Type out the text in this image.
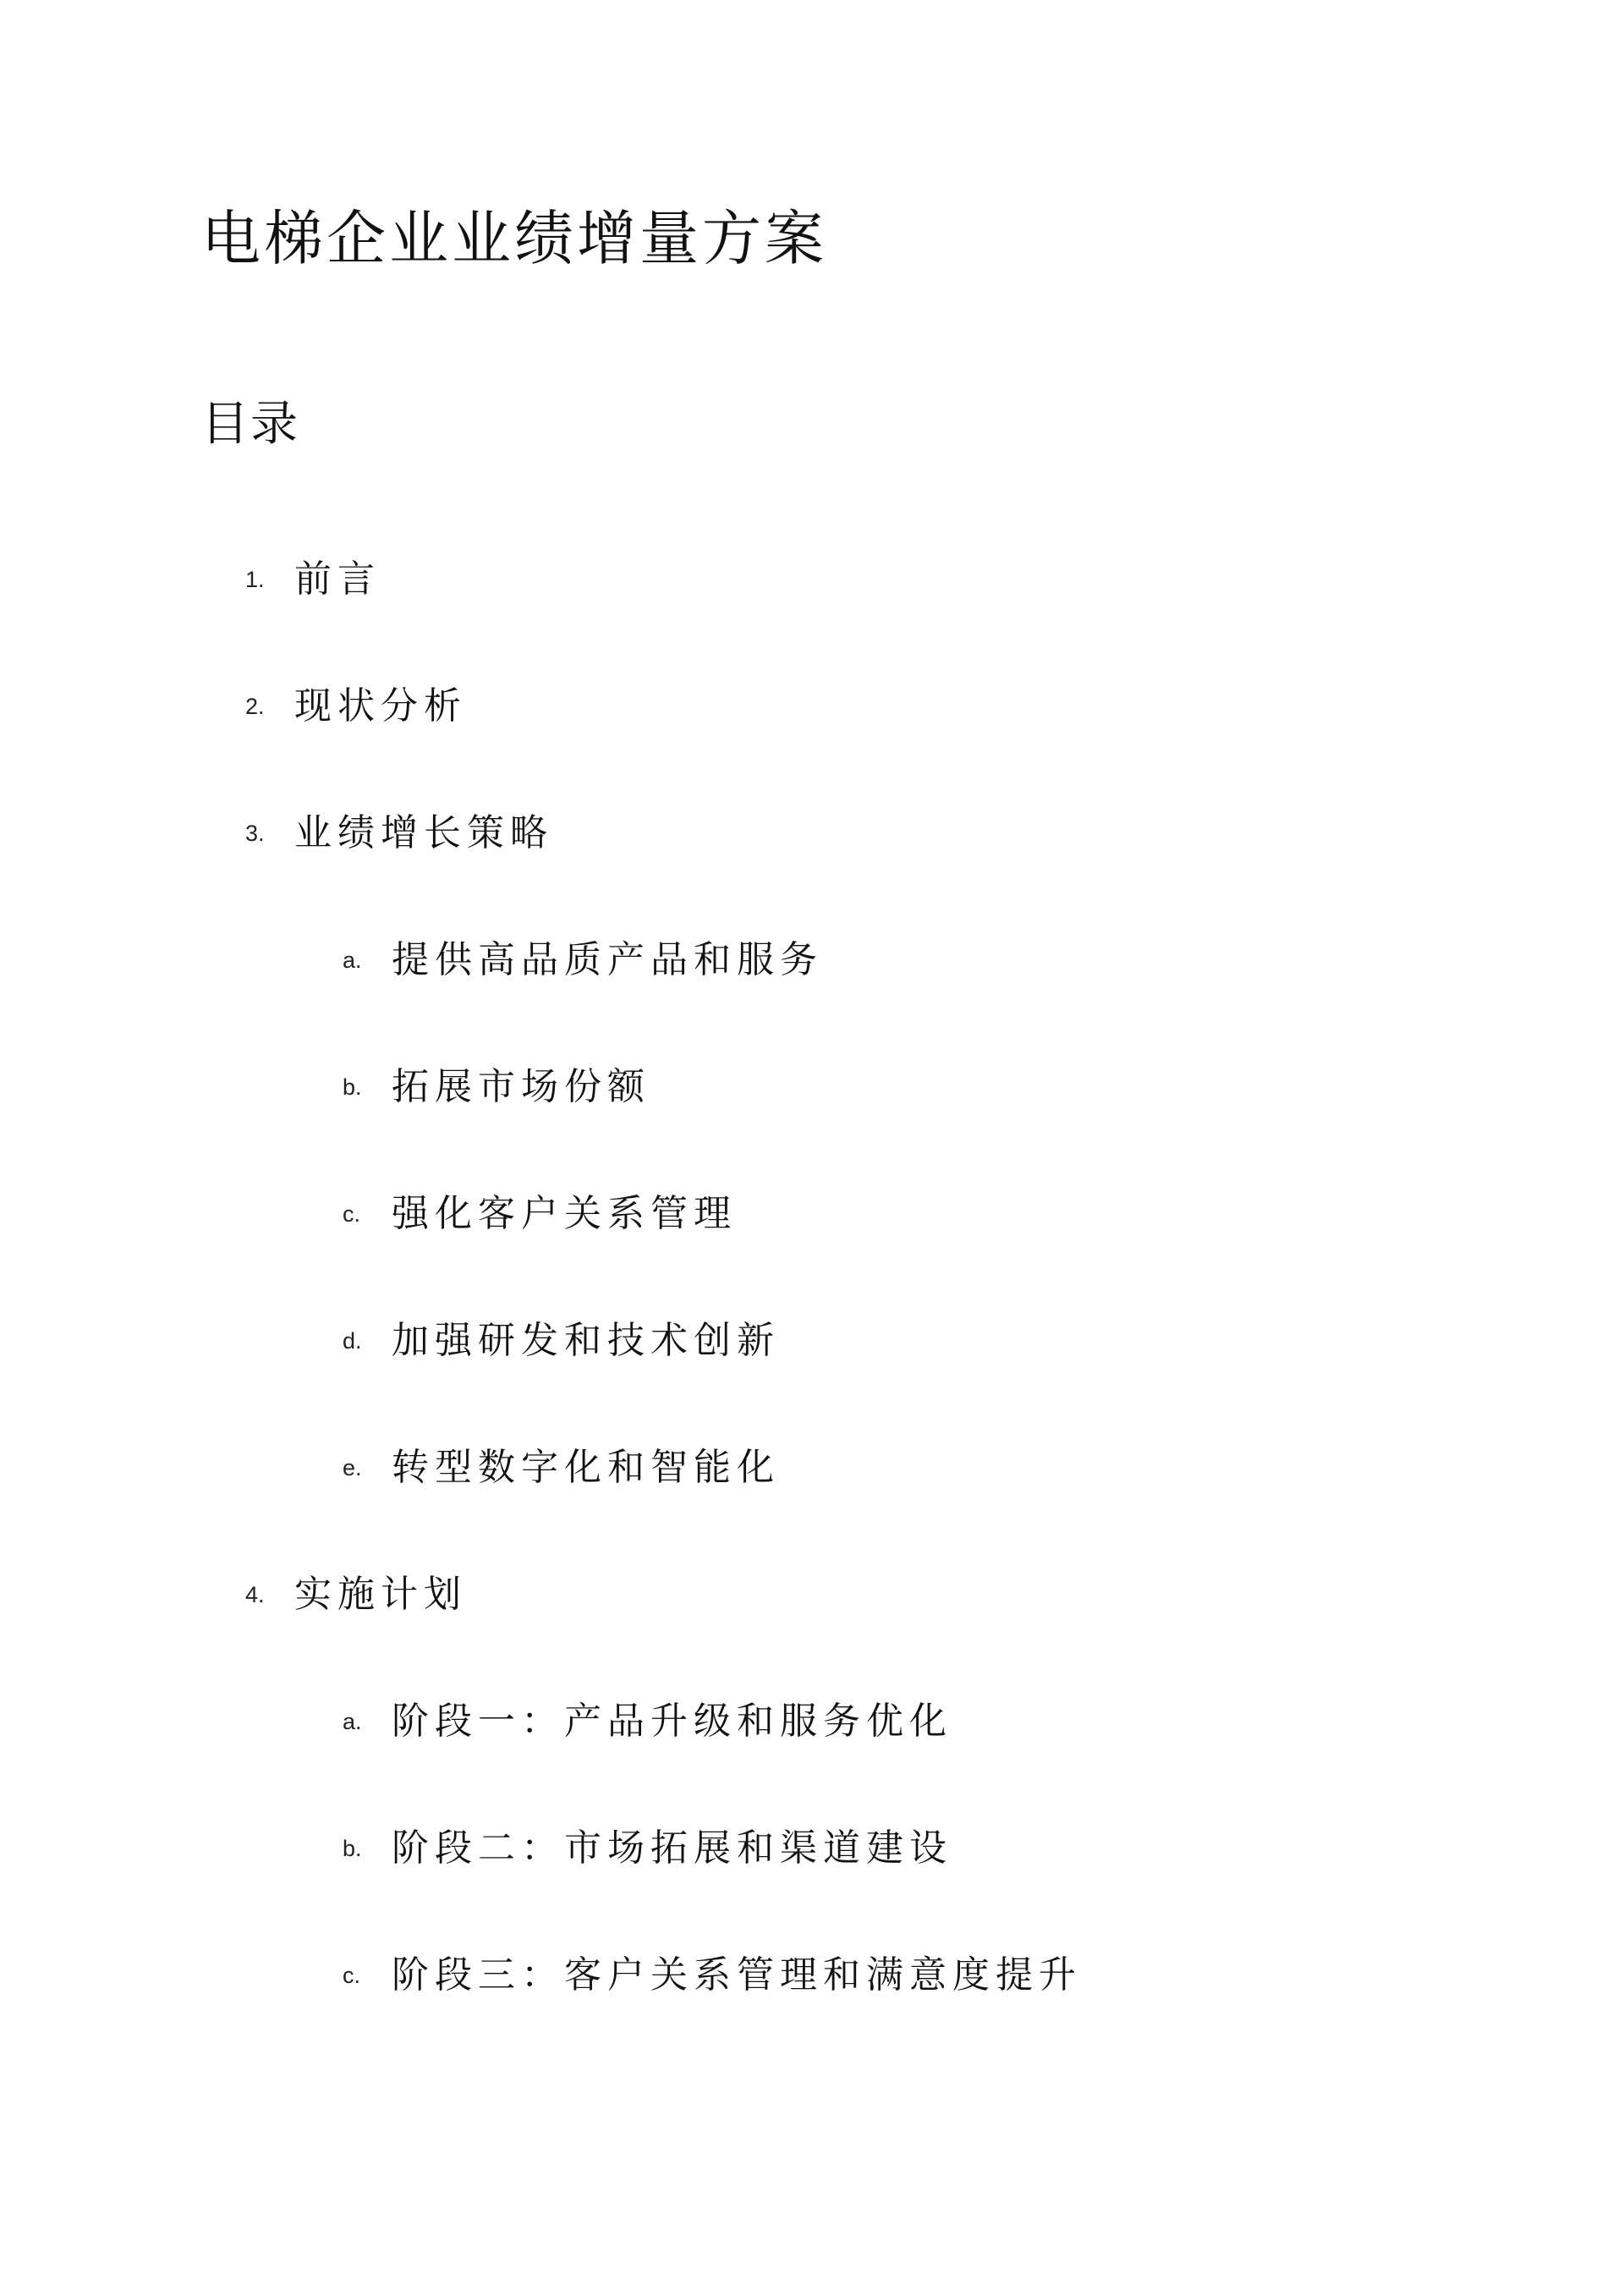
电梯企业业绩增量方案
目录
1. 前言
2. 现状分析
3. 业绩增长策略
a. 提供高品质产品和服务
b. 拓展市场份额
c. 强化客户关系管理
d. 加强研发和技术创新
e. 转型数字化和智能化
4. 实施计划
a. 阶段一：产品升级和服务优化
b. 阶段二：市场拓展和渠道建设
c. 阶段三：客户关系管理和满意度提升
